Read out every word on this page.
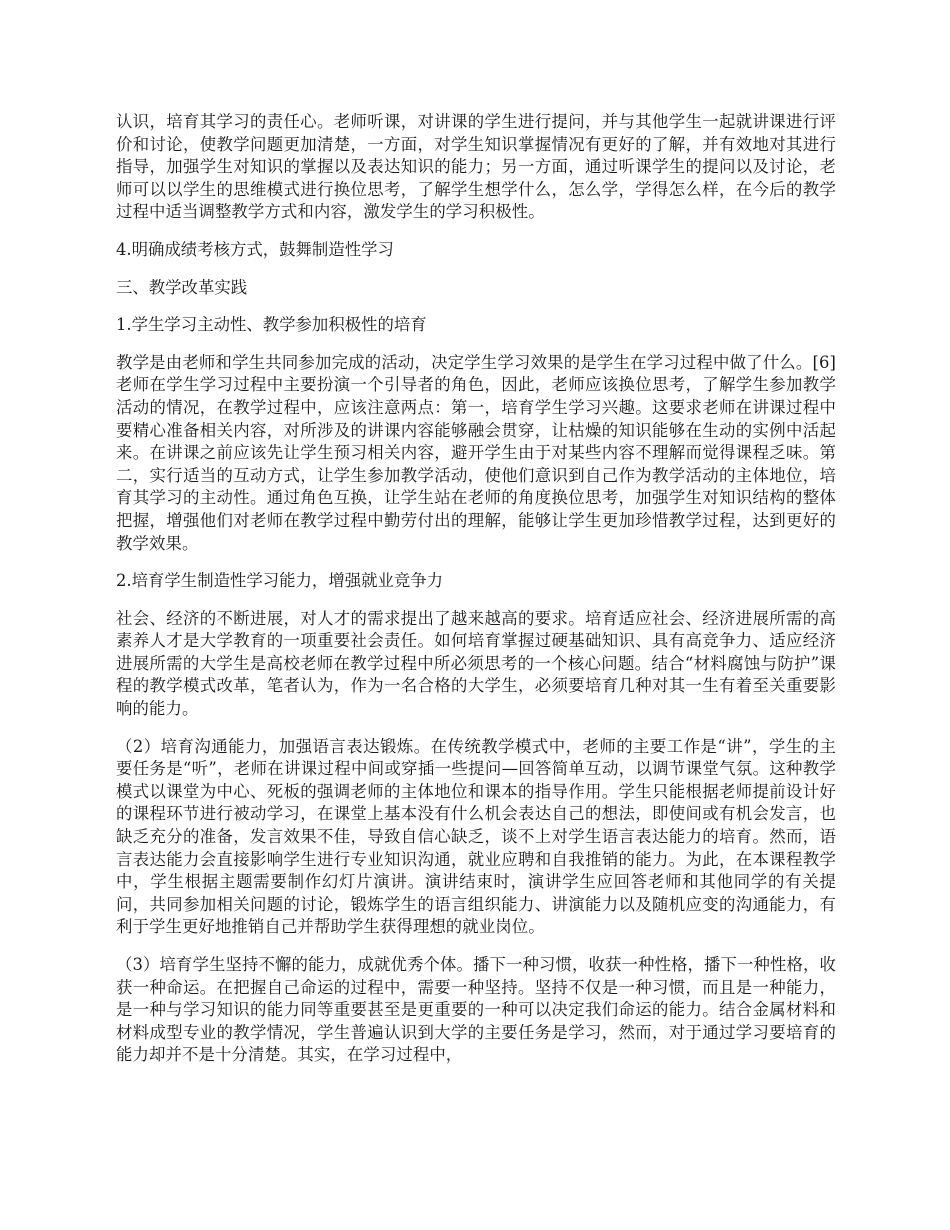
认识，培育其学习的责任心。老师听课，对讲课的学生进行提问，并与其他学生一起就讲课进行评价和讨论，使教学问题更加清楚，一方面，对学生知识掌握情况有更好的了解，并有效地对其进行指导，加强学生对知识的掌握以及表达知识的能力；另一方面，通过听课学生的提问以及讨论，老师可以以学生的思维模式进行换位思考，了解学生想学什么，怎么学，学得怎么样，在今后的教学过程中适当调整教学方式和内容，激发学生的学习积极性。

4.明确成绩考核方式，鼓舞制造性学习

三、教学改革实践

1.学生学习主动性、教学参加积极性的培育

教学是由老师和学生共同参加完成的活动，决定学生学习效果的是学生在学习过程中做了什么。[6]老师在学生学习过程中主要扮演一个引导者的角色，因此，老师应该换位思考，了解学生参加教学活动的情况，在教学过程中，应该注意两点：第一，培育学生学习兴趣。这要求老师在讲课过程中要精心准备相关内容，对所涉及的讲课内容能够融会贯穿，让枯燥的知识能够在生动的实例中活起来。在讲课之前应该先让学生预习相关内容，避开学生由于对某些内容不理解而觉得课程乏味。第二，实行适当的互动方式，让学生参加教学活动，使他们意识到自己作为教学活动的主体地位，培育其学习的主动性。通过角色互换，让学生站在老师的角度换位思考，加强学生对知识结构的整体把握，增强他们对老师在教学过程中勤劳付出的理解，能够让学生更加珍惜教学过程，达到更好的教学效果。

2.培育学生制造性学习能力，增强就业竞争力

社会、经济的不断进展，对人才的需求提出了越来越高的要求。培育适应社会、经济进展所需的高素养人才是大学教育的一项重要社会责任。如何培育掌握过硬基础知识、具有高竞争力、适应经济进展所需的大学生是高校老师在教学过程中所必须思考的一个核心问题。结合“材料腐蚀与防护”课程的教学模式改革，笔者认为，作为一名合格的大学生，必须要培育几种对其一生有着至关重要影响的能力。

（2）培育沟通能力，加强语言表达锻炼。在传统教学模式中，老师的主要工作是“讲”，学生的主要任务是“听”，老师在讲课过程中间或穿插一些提问—回答简单互动，以调节课堂气氛。这种教学模式以课堂为中心、死板的强调老师的主体地位和课本的指导作用。学生只能根据老师提前设计好的课程环节进行被动学习，在课堂上基本没有什么机会表达自己的想法，即使间或有机会发言，也缺乏充分的准备，发言效果不佳，导致自信心缺乏，谈不上对学生语言表达能力的培育。然而，语言表达能力会直接影响学生进行专业知识沟通，就业应聘和自我推销的能力。为此，在本课程教学中，学生根据主题需要制作幻灯片演讲。演讲结束时，演讲学生应回答老师和其他同学的有关提问，共同参加相关问题的讨论，锻炼学生的语言组织能力、讲演能力以及随机应变的沟通能力，有利于学生更好地推销自己并帮助学生获得理想的就业岗位。

（3）培育学生坚持不懈的能力，成就优秀个体。播下一种习惯，收获一种性格，播下一种性格，收获一种命运。在把握自己命运的过程中，需要一种坚持。坚持不仅是一种习惯，而且是一种能力，是一种与学习知识的能力同等重要甚至是更重要的一种可以决定我们命运的能力。结合金属材料和材料成型专业的教学情况，学生普遍认识到大学的主要任务是学习，然而，对于通过学习要培育的能力却并不是十分清楚。其实，在学习过程中，
